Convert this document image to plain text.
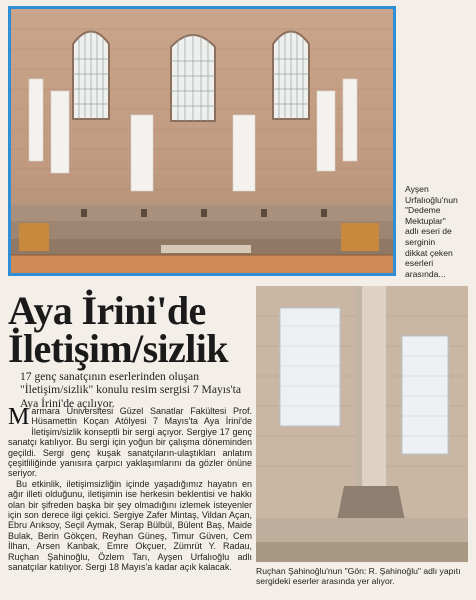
Ayşen
Urfalıoğlu'nun
"Dedeme
Mektuplar"
adlı eseri de
serginin
dikkat çeken
eserleri
arasında...
Aya İrini'de
İletişim/sizlik
17 genç sanatçının eserlerinden oluşan "İletişim/sizlik" konulu resim sergisi 7 Mayıs'ta Aya İrini'de açılıyor.

Marmara Üniversitesi Güzel Sanatlar Fakültesi Prof. Hüsamettin Koçan Atölyesi 7 Mayıs'ta Aya İrini'de İletişim/sizlik konseptli bir sergi açıyor. Sergiye 17 genç sanatçı katılıyor. Bu sergi için yoğun bir çalışma döneminden geçildi. Sergi genç kuşak sanatçıların-ulaştıkları anlatım çeşitliliğinde yanısıra çarpıcı yaklaşımlarını da gözler önüne seriyor.

Bu etkinlik, iletişimsizliğin içinde yaşadığımız hayatın en ağır illeti olduğunu, iletişimin ise herkesin beklentisi ve hakkı olan bir şifreden başka bir şey olmadığını izlemek isteyenler için son derece ilgi çekici. Sergiye Zafer Mintaş, Vildan Açan, Ebru Arıksoy, Seçil Aymak, Serap Bülbül, Bülent Baş, Maide Bulak, Berin Gökçen, Reyhan Güneş, Timur Güven, Cem İlhan, Arsen Kanbak, Emre Okçuer, Zümrüt Y. Radau, Ruçhan Şahinoğlu, Özlem Tarı, Ayşen Urfalıoğlu adlı sanatçılar katılıyor. Sergi 18 Mayıs'a kadar açık kalacak.	Ruçhan Şahinoğlu'nun "Gön: R. Şahinoğlu" adlı yapıtı sergideki eserler arasında yer alıyor.
